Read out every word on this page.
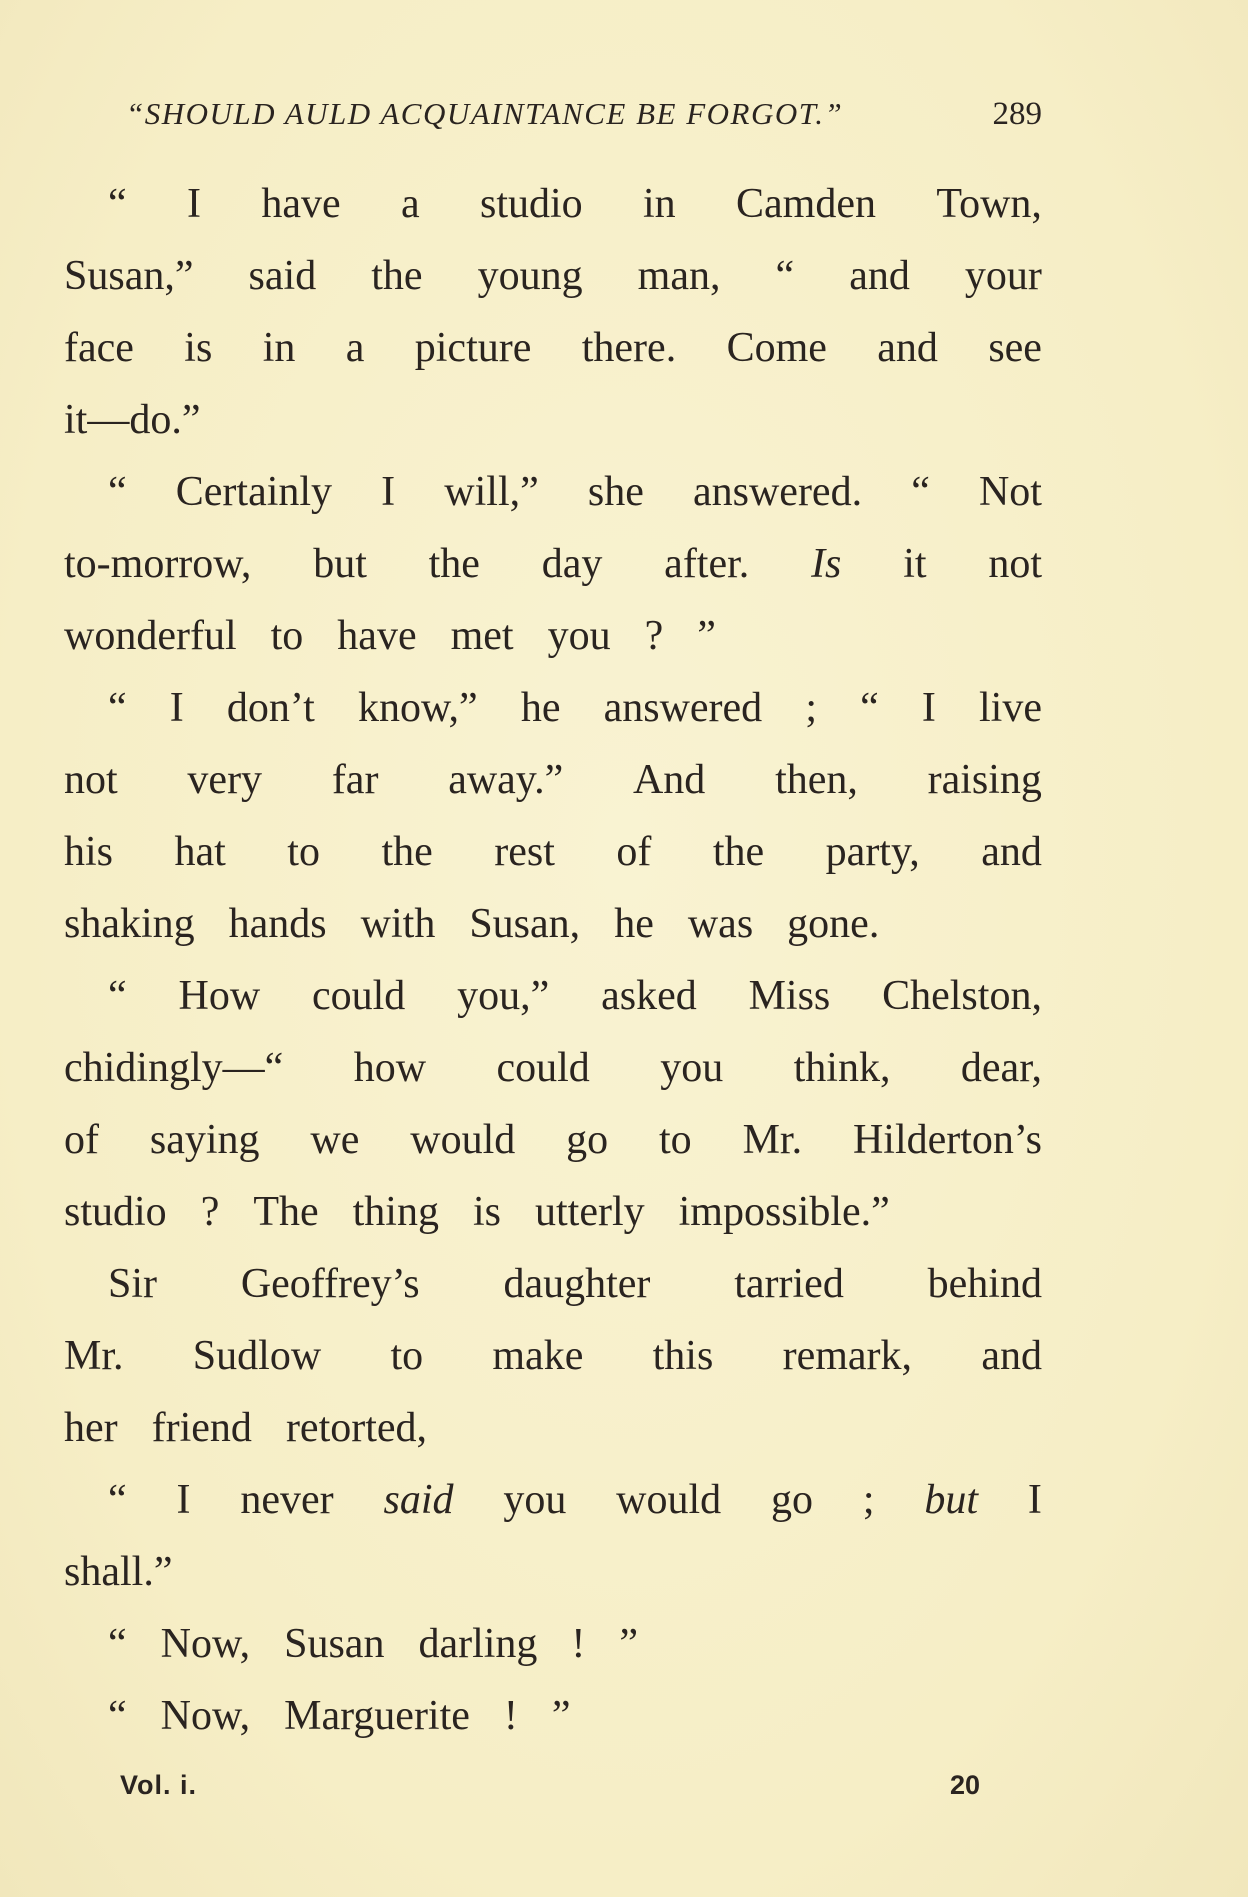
“SHOULD AULD ACQUAINTANCE BE FORGOT.”	289
“ I have a studio in Camden Town,
Susan,” said the young man, “ and your
face is in a picture there. Come and see
it—do.”
“ Certainly I will,” she answered. “ Not
to-morrow, but the day after. Is it not
wonderful to have met you ? ”
“ I don’t know,” he answered ; “ I live
not very far away.” And then, raising
his hat to the rest of the party, and
shaking hands with Susan, he was gone.
“ How could you,” asked Miss Chelston,
chidingly—“ how could you think, dear,
of saying we would go to Mr. Hilderton’s
studio ? The thing is utterly impossible.”
Sir Geoffrey’s daughter tarried behind
Mr. Sudlow to make this remark, and
her friend retorted,
“ I never said you would go ; but I
shall.”
“ Now, Susan darling ! ”
“ Now, Marguerite ! ”
Vol. i.	20
